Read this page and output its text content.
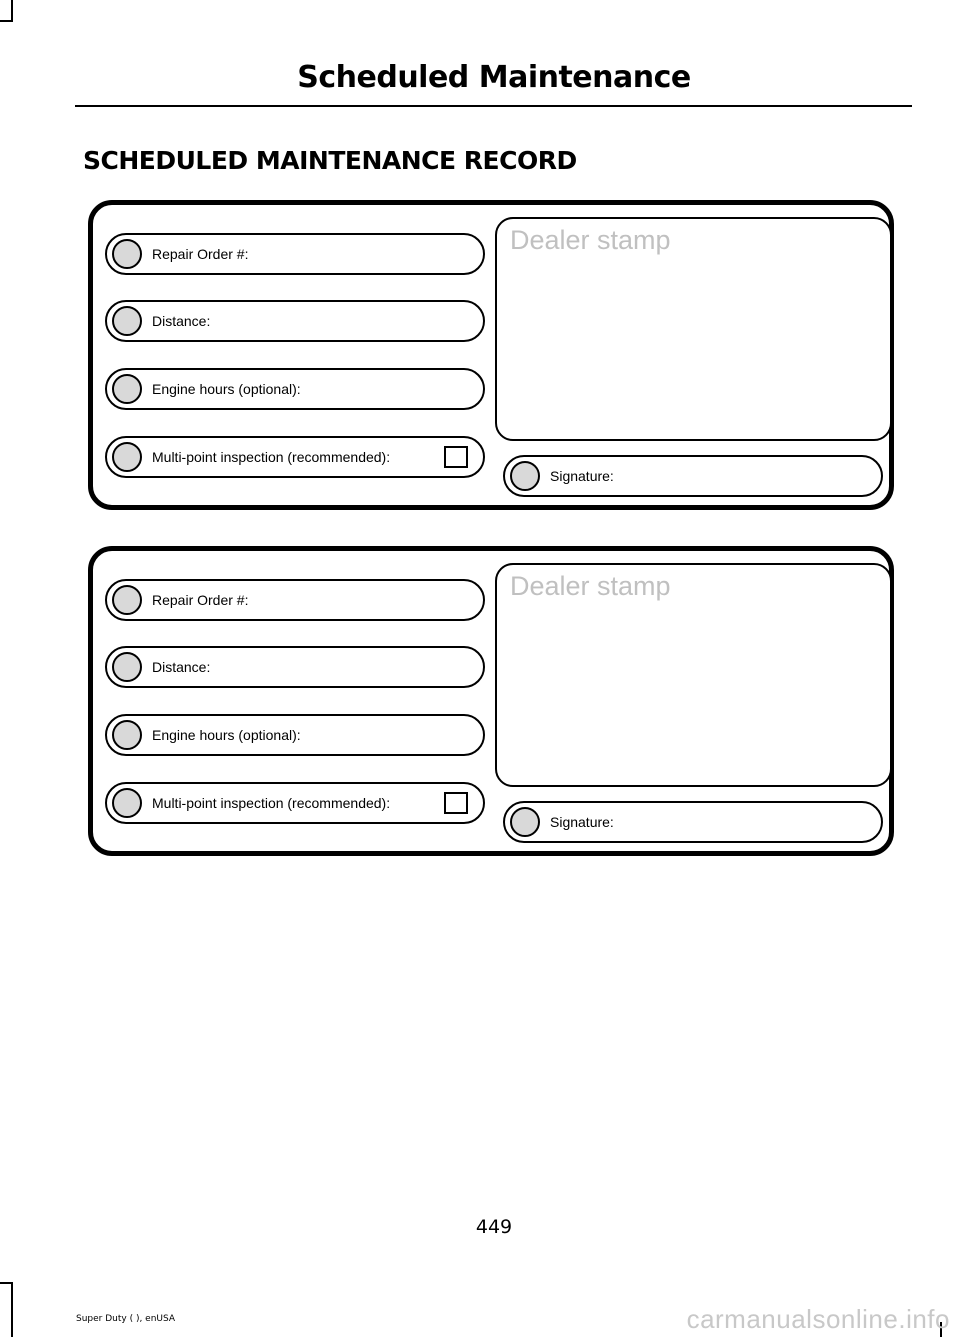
Scheduled Maintenance
SCHEDULED MAINTENANCE RECORD
Repair Order #:
Distance:
Engine hours (optional):
Multi-point inspection (recommended):
Dealer stamp
Signature:
Repair Order #:
Distance:
Engine hours (optional):
Multi-point inspection (recommended):
Dealer stamp
Signature:
449
Super Duty ( ), enUSA	carmanualsonline.info
